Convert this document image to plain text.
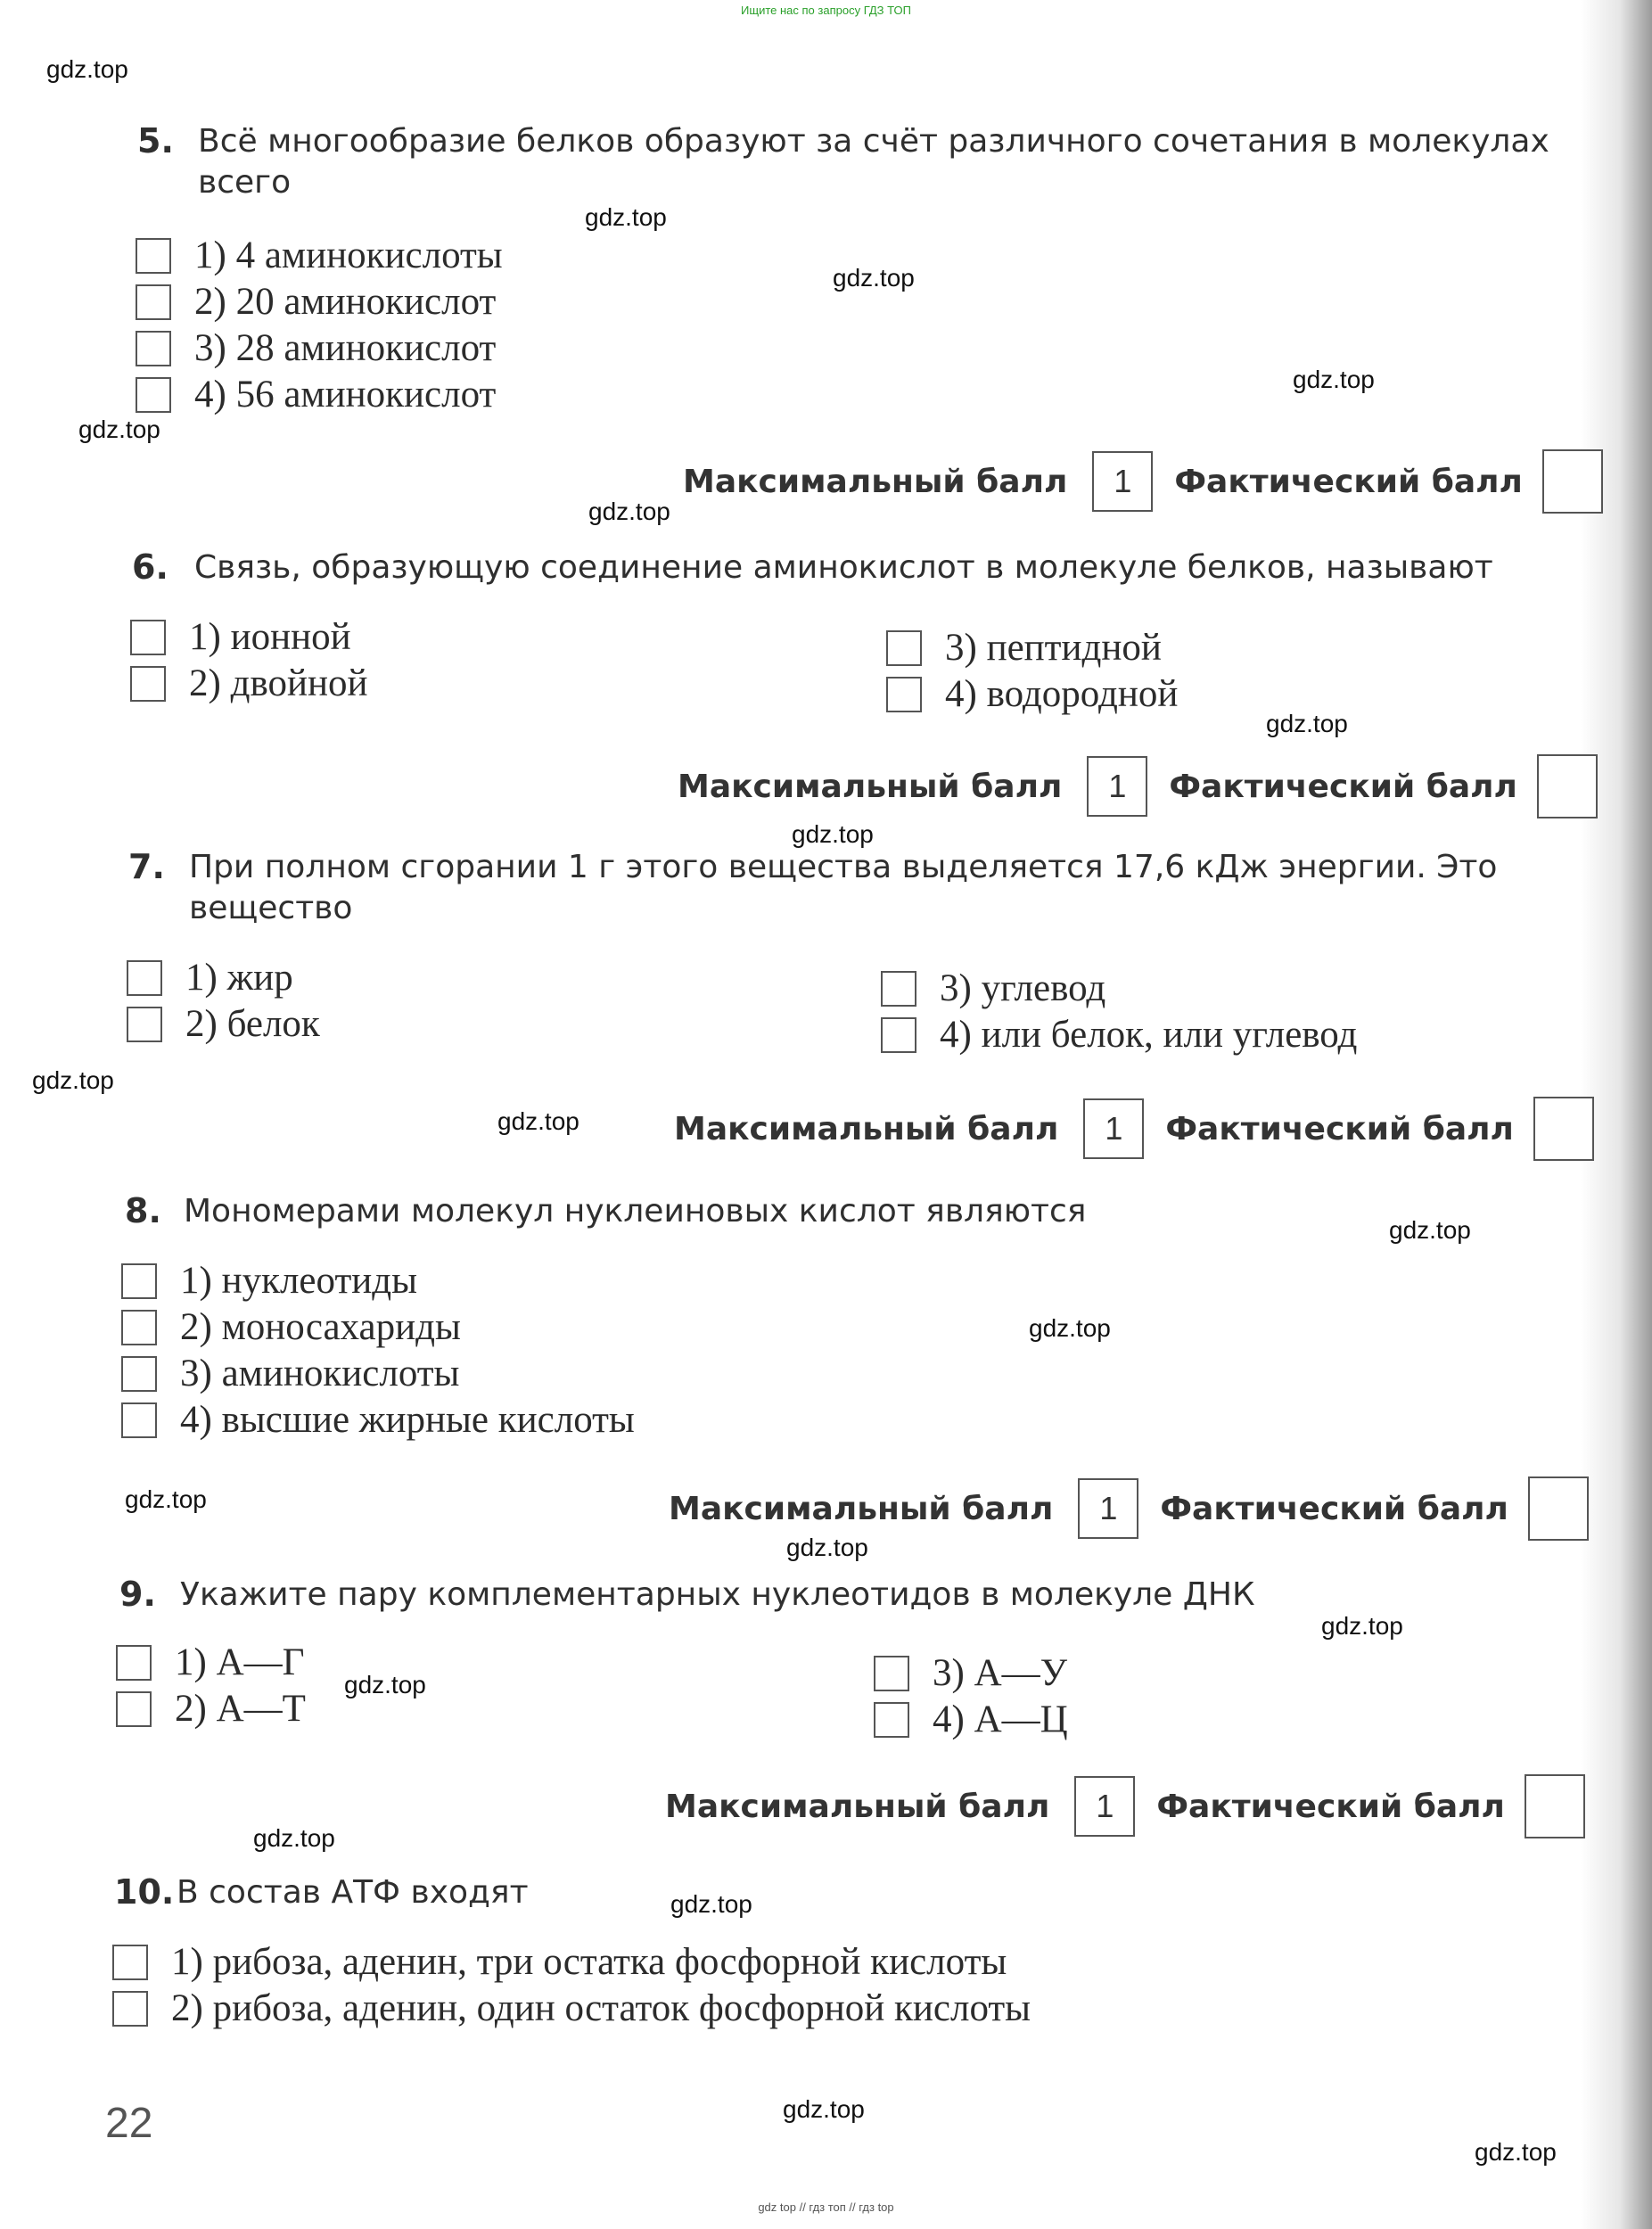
Ищите нас по запросу ГДЗ ТОП
gdz.top
gdz.top
gdz.top
gdz.top
gdz.top
gdz.top
gdz.top
gdz.top
gdz.top
gdz.top
gdz.top
gdz.top
gdz.top
gdz.top
gdz.top
gdz.top
gdz.top
gdz.top
gdz.top
gdz.top
5. Всё многообразие белков образуют за счёт различного сочетания в молекулах всего
1) 4 аминокислоты
2) 20 аминокислот
3) 28 аминокислот
4) 56 аминокислот
Максимальный балл	1	Фактический балл
6. Связь, образующую соединение аминокислот в молекуле белков, называют
1) ионной
2) двойной
3) пептидной
4) водородной
Максимальный балл	1	Фактический балл
7. При полном сгорании 1 г этого вещества выделяется 17,6 кДж энергии. Это вещество
1) жир
2) белок
3) углевод
4) или белок, или углевод
Максимальный балл	1	Фактический балл
8. Мономерами молекул нуклеиновых кислот являются
1) нуклеотиды
2) моносахариды
3) аминокислоты
4) высшие жирные кислоты
Максимальный балл	1	Фактический балл
9. Укажите пару комплементарных нуклеотидов в молекуле ДНК
1) А—Г
2) А—Т
3) А—У
4) А—Ц
Максимальный балл	1	Фактический балл
10. В состав АТФ входят
1) рибоза, аденин, три остатка фосфорной кислоты
2) рибоза, аденин, один остаток фосфорной кислоты
22
gdz top // гдз топ // гдз top
